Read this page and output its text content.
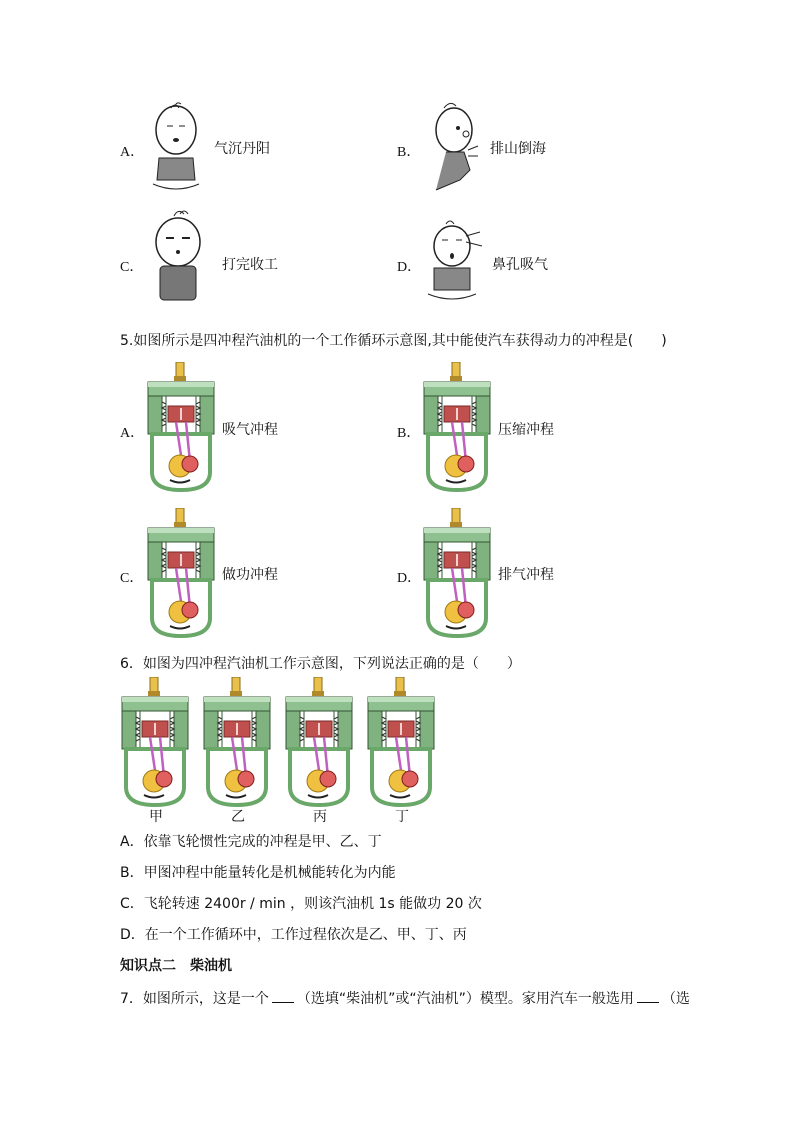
A．	气沉丹阳	B．	排山倒海
C．	打完收工	D．	鼻孔吸气
5.如图所示是四冲程汽油机的一个工作循环示意图,其中能使汽车获得动力的冲程是(　　)
A．	吸气冲程	B．	压缩冲程
C．	做功冲程	D．	排气冲程
6．如图为四冲程汽油机工作示意图，下列说法正确的是（　　）
甲	乙	丙	丁
A．依靠飞轮惯性完成的冲程是甲、乙、丁
B．甲图冲程中能量转化是机械能转化为内能
C．飞轮转速 2400r / min ，则该汽油机 1s 能做功 20 次
D．在一个工作循环中，工作过程依次是乙、甲、丁、丙
知识点二　柴油机
7．如图所示，这是一个 （选填“柴油机”或“汽油机”）模型。家用汽车一般选用 （选
